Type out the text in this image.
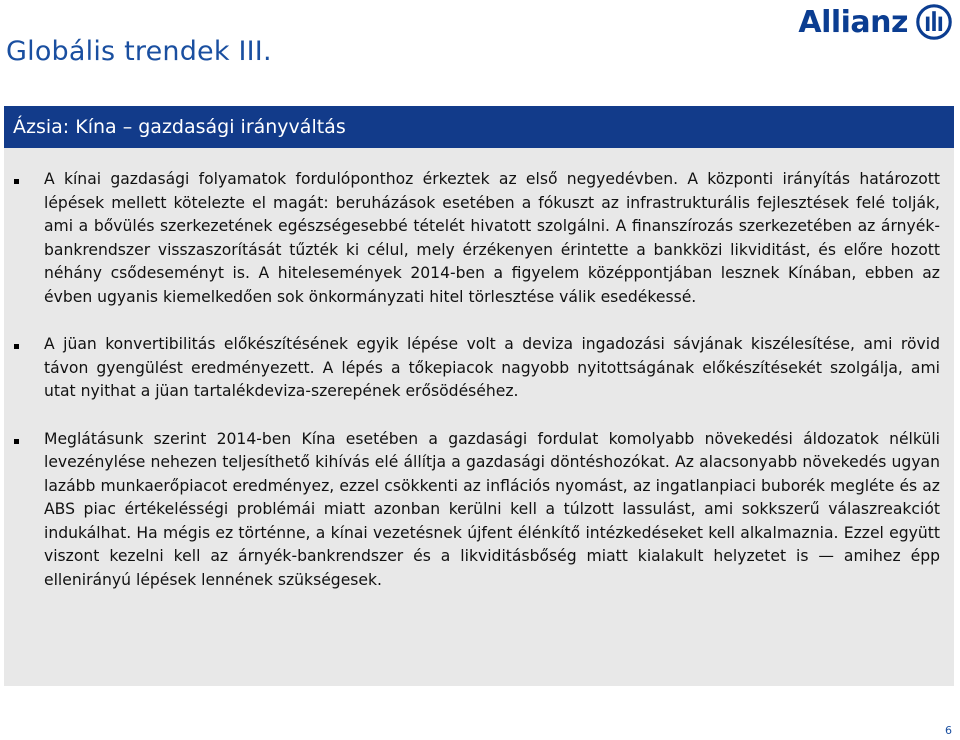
Globális trendek III.
Allianz
Ázsia: Kína – gazdasági irányváltás
A kínai gazdasági folyamatok fordulóponthoz érkeztek az első negyedévben. A központi irányítás határozott lépések mellett kötelezte el magát: beruházások esetében a fókuszt az infrastrukturális fejlesztések felé tolják, ami a bővülés szerkezetének egészségesebbé tételét hivatott szolgálni. A finanszírozás szerkezetében az árnyék-bankrendszer visszaszorítását tűzték ki célul, mely érzékenyen érintette a bankközi likviditást, és előre hozott néhány csődeseményt is. A hitelesemények 2014-ben a figyelem középpontjában lesznek Kínában, ebben az évben ugyanis kiemelkedően sok önkormányzati hitel törlesztése válik esedékessé.
A jüan konvertibilitás előkészítésének egyik lépése volt a deviza ingadozási sávjának kiszélesítése, ami rövid távon gyengülést eredményezett. A lépés a tőkepiacok nagyobb nyitottságának előkészítésekét szolgálja, ami utat nyithat a jüan tartalékdeviza-szerepének erősödéséhez.
Meglátásunk szerint 2014-ben Kína esetében a gazdasági fordulat komolyabb növekedési áldozatok nélküli levezénylése nehezen teljesíthető kihívás elé állítja a gazdasági döntéshozókat. Az alacsonyabb növekedés ugyan lazább munkaerőpiacot eredményez, ezzel csökkenti az inflációs nyomást, az ingatlanpiaci buborék megléte és az ABS piac értékelésségi problémái miatt azonban kerülni kell a túlzott lassulást, ami sokkszerű válaszreakciót indukálhat. Ha mégis ez történne, a kínai vezetésnek újfent élénkítő intézkedéseket kell alkalmaznia. Ezzel együtt viszont kezelni kell az árnyék-bankrendszer és a likviditásbőség miatt kialakult helyzetet is — amihez épp ellenirányú lépések lennének szükségesek.
6
